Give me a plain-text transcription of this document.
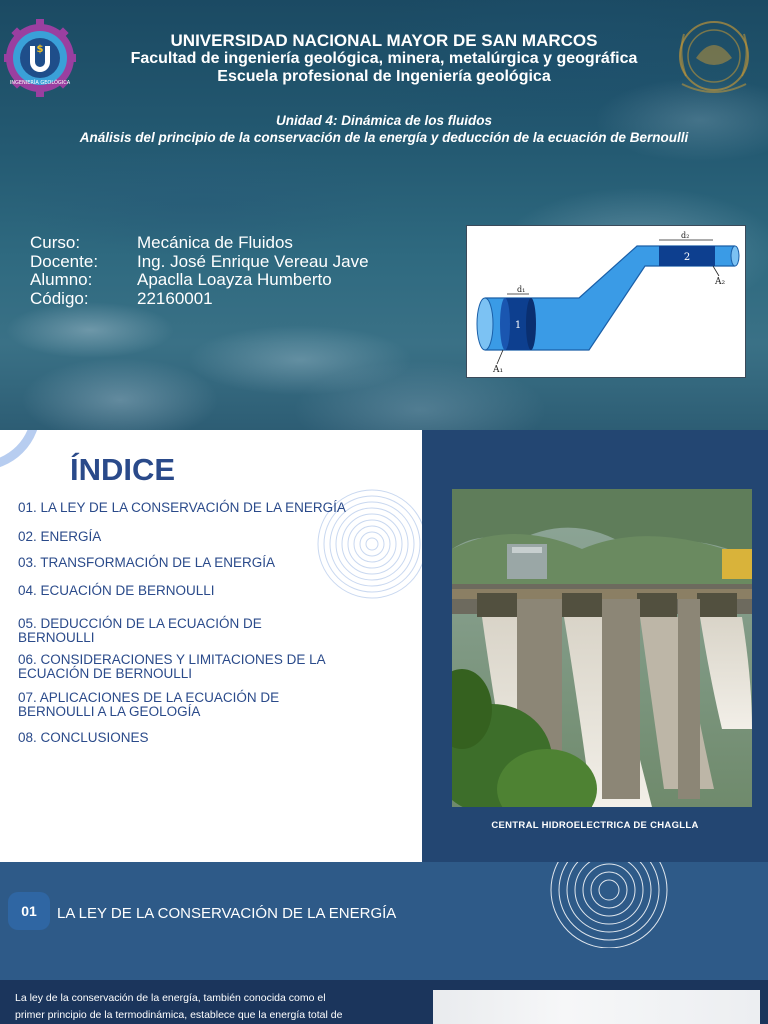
$
INGENIERÍA GEOLÓGICA
UNIVERSIDAD NACIONAL MAYOR DE SAN MARCOS
Facultad de ingeniería geológica, minera, metalúrgica y geográfica
Escuela profesional de Ingeniería geológica
Unidad 4: Dinámica de los fluidos
Análisis del principio de la conservación de la energía y deducción de la ecuación de Bernoulli
Curso:	Mecánica de Fluidos
Docente:	Ing. José Enrique Vereau Jave
Alumno:	Apaclla Loayza Humberto
Código:	22160001	d₁
d₂
1
2
A₁
A₂
ÍNDICE
01. LA LEY DE LA CONSERVACIÓN DE LA ENERGÍA
02. ENERGÍA
03. TRANSFORMACIÓN DE LA ENERGÍA
04. ECUACIÓN DE BERNOULLI
05. DEDUCCIÓN DE LA ECUACIÓN DE
BERNOULLI
06. CONSIDERACIONES Y LIMITACIONES DE LA
ECUACIÓN DE BERNOULLI
07. APLICACIONES DE LA ECUACIÓN DE
BERNOULLI A LA GEOLOGÍA
08. CONCLUSIONES
CENTRAL HIDROELECTRICA DE CHAGLLA
01	LA LEY DE LA CONSERVACIÓN DE LA ENERGÍA
La ley de la conservación de la energía, también conocida como el
primer principio de la termodinámica, establece que la energía total de
